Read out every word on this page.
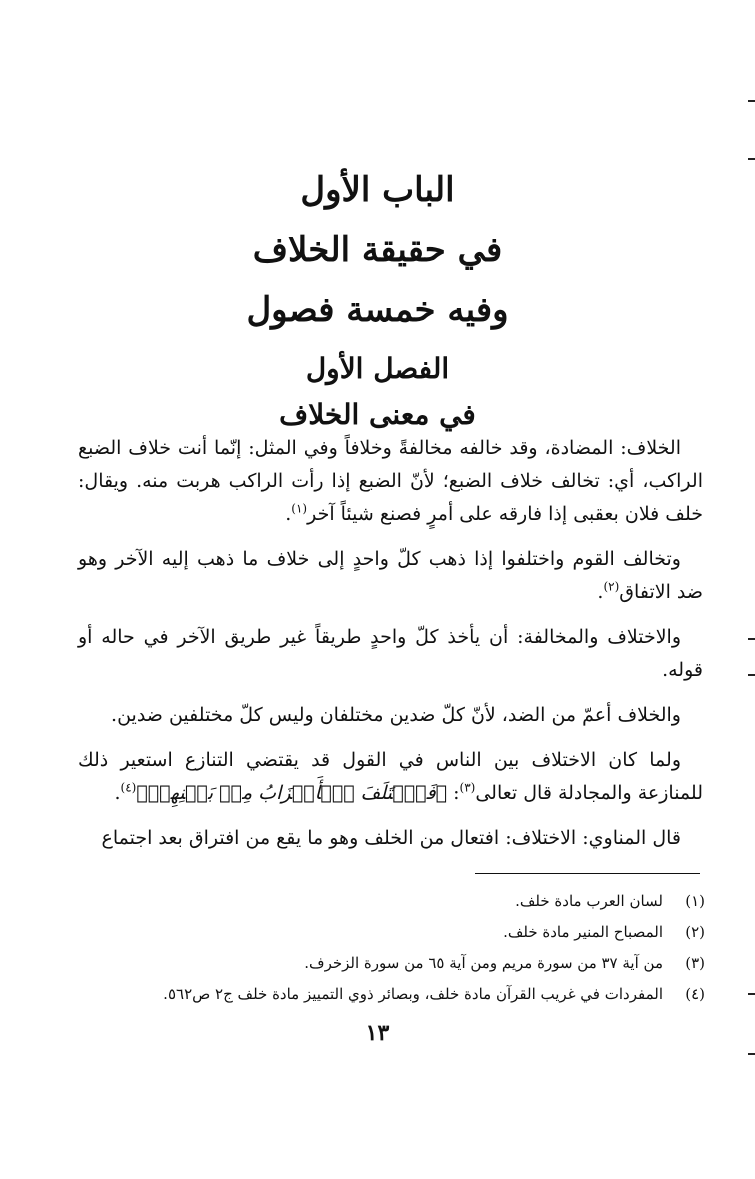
الباب الأول
في حقيقة الخلاف
وفيه خمسة فصول
الفصل الأول
في معنى الخلاف

الخلاف: المضادة، وقد خالفه مخالفةً وخلافاً وفي المثل: إنّما أنت خلاف الضبع الراكب، أي: تخالف خلاف الضبع؛ لأنّ الضبع إذا رأت الراكب هربت منه. ويقال: خلف فلان بعقبى إذا فارقه على أمرٍ فصنع شيئاً آخر$^{(١)}$.

وتخالف القوم واختلفوا إذا ذهب كلّ واحدٍ إلى خلاف ما ذهب إليه الآخر وهو ضد الاتفاق$^{(٢)}$.

والاختلاف والمخالفة: أن يأخذ كلّ واحدٍ طريقاً غير طريق الآخر في حاله أو قوله.

والخلاف أعمّ من الضد، لأنّ كلّ ضدين مختلفان وليس كلّ مختلفين ضدين.

ولما كان الاختلاف بين الناس في القول قد يقتضي التنازع استعير ذلك للمنازعة والمجادلة قال تعالى$^{(٣)}$: ﴿فَٱخۡتَلَفَ ٱلۡأَحۡزَابُ مِنۢ بَيۡنِهِمۡ﴾$^{(٤)}$.

قال المناوي: الاختلاف: افتعال من الخلف وهو ما يقع من افتراق بعد اجتماع

(١)
لسان العرب مادة خلف.
(٢)
المصباح المنير مادة خلف.
(٣)
من آية ٣٧ من سورة مريم ومن آية ٦٥ من سورة الزخرف.
(٤)
المفردات في غريب القرآن مادة خلف، وبصائر ذوي التمييز مادة خلف ج٢ ص٥٦٢.
١٣
